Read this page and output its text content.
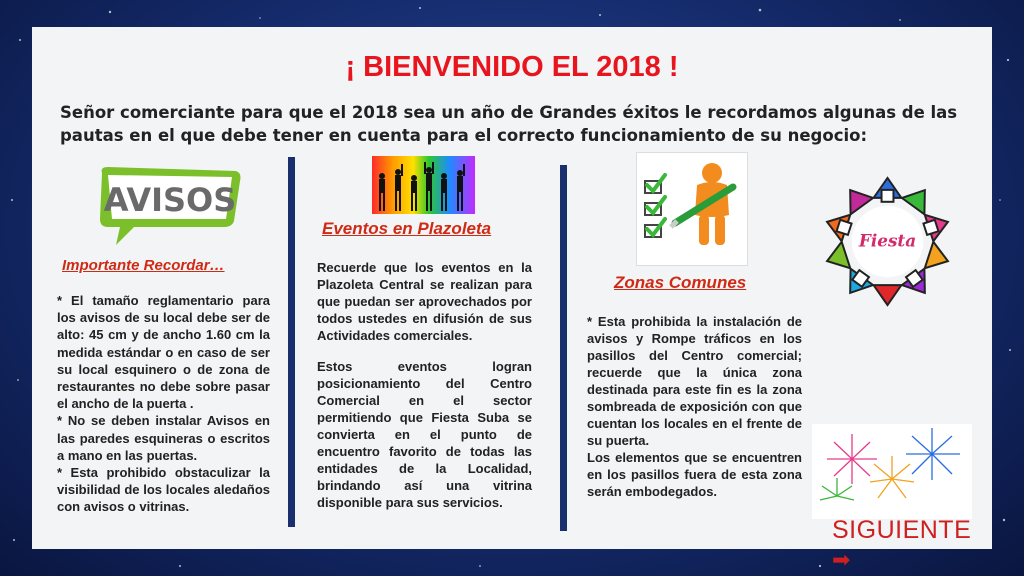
¡ BIENVENIDO EL 2018 !
Señor comerciante para que el 2018 sea un año de Grandes éxitos le recordamos algunas de las pautas en el que debe tener en cuenta para el correcto funcionamiento de su negocio:
AVISOS
Importante Recordar…
* El tamaño reglamentario para los avisos de su local debe ser de alto: 45 cm y de ancho 1.60 cm la medida estándar o en caso de ser su local esquinero o de zona de restaurantes no debe sobre pasar el ancho de la puerta .
* No se deben instalar Avisos en las paredes esquineras o escritos a mano en las puertas.
* Esta prohibido obstaculizar la visibilidad de los locales aledaños con avisos o vitrinas.
Eventos en Plazoleta

Recuerde que los eventos en la Plazoleta Central se realizan para que puedan ser aprovechados por todos ustedes en difusión de sus Actividades comerciales.

Estos eventos logran posicionamiento del Centro Comercial en el sector permitiendo que Fiesta Suba se convierta en el punto de encuentro favorito de todas las entidades de la Localidad, brindando así una vitrina disponible para sus servicios.

Zonas Comunes
* Esta prohibida la instalación de avisos y Rompe tráficos en los pasillos del Centro comercial; recuerde que la única zona destinada para este fin es la zona sombreada de exposición con que cuentan los locales en el frente de su puerta.
Los elementos que se encuentren en los pasillos fuera de esta zona serán embodegados.
Fiesta
SIGUIENTE ➡
